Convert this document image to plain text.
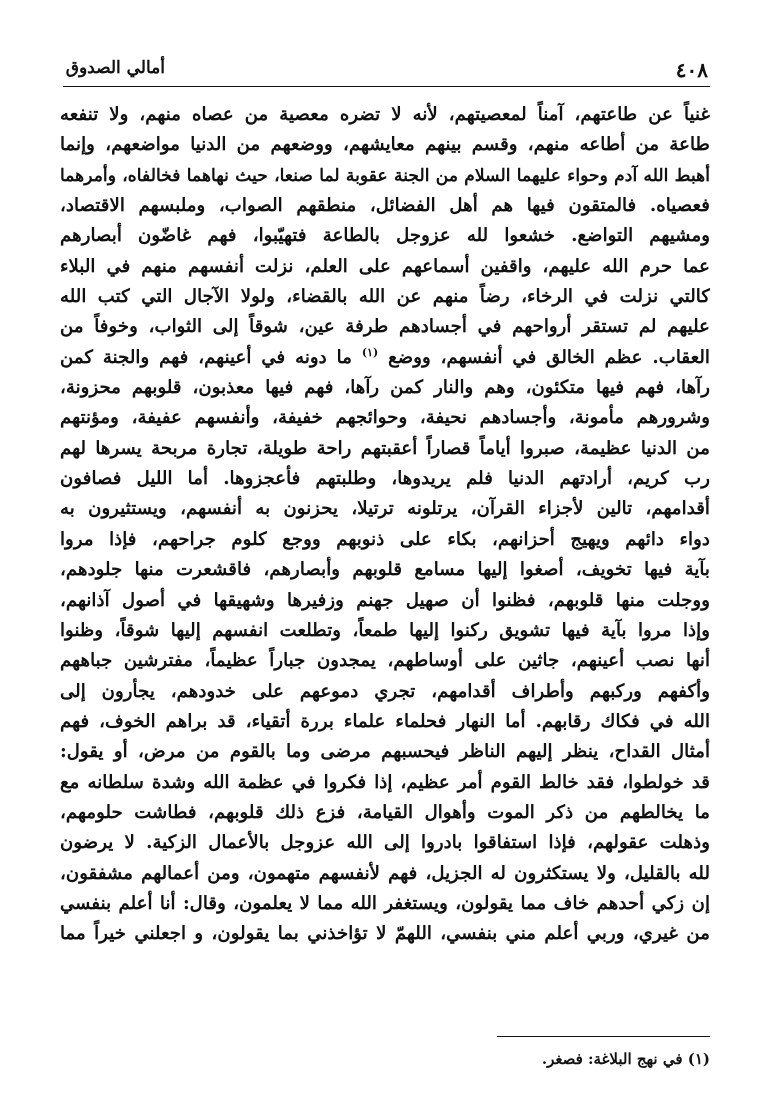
أمالي الصدوق	٤٠٨
غنياً عن طاعتهم، آمناً لمعصيتهم، لأنه لا تضره معصية من عصاه منهم، ولا تنفعه
طاعة من أطاعه منهم، وقسم بينهم معايشهم، ووضعهم من الدنيا مواضعهم، وإنما
أهبط الله آدم وحواء عليهما السلام من الجنة عقوبة لما صنعا، حيث نهاهما فخالفاه، وأمرهما
فعصياه. فالمتقون فيها هم أهل الفضائل، منطقهم الصواب، وملبسهم الاقتصاد،
ومشيهم التواضع. خشعوا لله عزوجل بالطاعة فتهيّبوا، فهم غاضّون أبصارهم
عما حرم الله عليهم، واقفين أسماعهم على العلم، نزلت أنفسهم منهم في البلاء
كالتي نزلت في الرخاء، رضاً منهم عن الله بالقضاء، ولولا الآجال التي كتب الله
عليهم لم تستقر أرواحهم في أجسادهم طرفة عين، شوقاً إلى الثواب، وخوفاً من
العقاب. عظم الخالق في أنفسهم، ووضع $^{(١)}$ ما دونه في أعينهم، فهم والجنة كمن
رآها، فهم فيها متكئون، وهم والنار كمن رآها، فهم فيها معذبون، قلوبهم محزونة،
وشرورهم مأمونة، وأجسادهم نحيفة، وحوائجهم خفيفة، وأنفسهم عفيفة، ومؤنتهم
من الدنيا عظيمة، صبروا أياماً قصاراً أعقبتهم راحة طويلة، تجارة مربحة يسرها لهم
رب كريم، أرادتهم الدنيا فلم يريدوها، وطلبتهم فأعجزوها. أما الليل فصافون
أقدامهم، تالين لأجزاء القرآن، يرتلونه ترتيلا، يحزنون به أنفسهم، ويستثيرون به
دواء دائهم ويهيج أحزانهم، بكاء على ذنوبهم ووجع كلوم جراحهم، فإذا مروا
بآية فيها تخويف، أصغوا إليها مسامع قلوبهم وأبصارهم، فاقشعرت منها جلودهم،
ووجلت منها قلوبهم، فظنوا أن صهيل جهنم وزفيرها وشهيقها في أصول آذانهم،
وإذا مروا بآية فيها تشويق ركنوا إليها طمعاً، وتطلعت انفسهم إليها شوقاً، وظنوا
أنها نصب أعينهم، جاثين على أوساطهم، يمجدون جباراً عظيماً، مفترشين جباههم
وأكفهم وركبهم وأطراف أقدامهم، تجري دموعهم على خدودهم، يجأرون إلى
الله في فكاك رقابهم. أما النهار فحلماء علماء بررة أتقياء، قد براهم الخوف، فهم
أمثال القداح، ينظر إليهم الناظر فيحسبهم مرضى وما بالقوم من مرض، أو يقول:
قد خولطوا، فقد خالط القوم أمر عظيم، إذا فكروا في عظمة الله وشدة سلطانه مع
ما يخالطهم من ذكر الموت وأهوال القيامة، فزع ذلك قلوبهم، فطاشت حلومهم،
وذهلت عقولهم، فإذا استفاقوا بادروا إلى الله عزوجل بالأعمال الزكية. لا يرضون
لله بالقليل، ولا يستكثرون له الجزيل، فهم لأنفسهم متهمون، ومن أعمالهم مشفقون،
إن زكي أحدهم خاف مما يقولون، ويستغفر الله مما لا يعلمون، وقال: أنا أعلم بنفسي
من غيري، وربي أعلم مني بنفسي، اللهمّ لا تؤاخذني بما يقولون، و اجعلني خيراً مما
(١) في نهج البلاغة: فصغر.
